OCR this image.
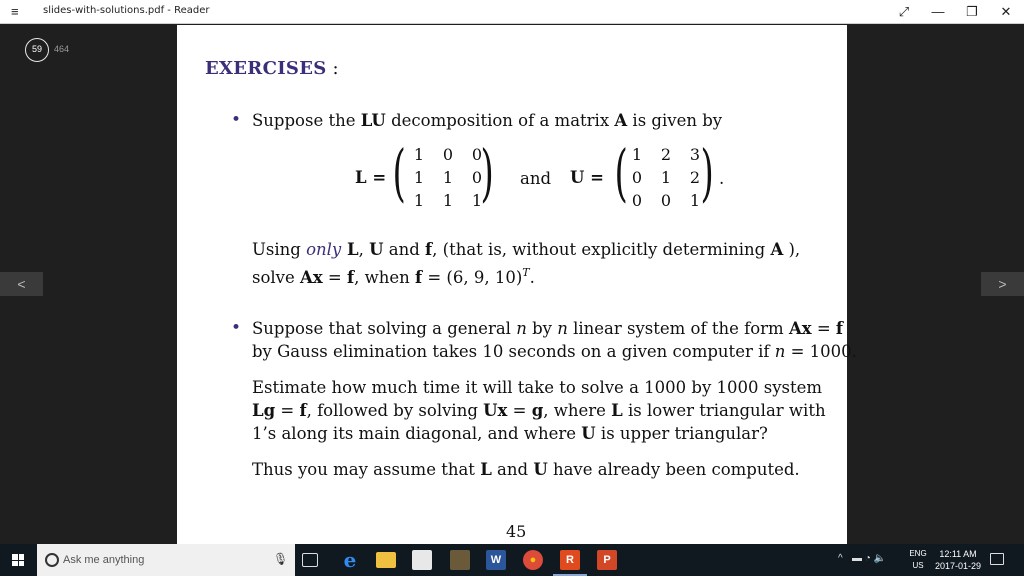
≡	slides-with-solutions.pdf - Reader	⤢	—	❐	✕
59	464
<	>
EXERCISES :
• Suppose the LU decomposition of a matrix A is given by
L = ( 1	0	0
1	1	0
1	1	1
) and U = ( 1	2	3
0	1	2
0	0	1 ) .
Using only L, U and f, (that is, without explicitly determining A ),
solve Ax = f, when f = (6, 9, 10)$^T$.
• Suppose that solving a general n by n linear system of the form Ax = f
by Gauss elimination takes 10 seconds on a given computer if n = 1000.
Estimate how much time it will take to solve a 1000 by 1000 system
Lg = f, followed by solving Ux = g, where L is lower triangular with
1’s along its main diagonal, and where U is upper triangular?
Thus you may assume that L and U have already been computed.
45
Ask me anything	🎙	e	W	●	R	P	^ ▬ ◔ 🔈	ENG
US
12:11 AM
2017-01-29
